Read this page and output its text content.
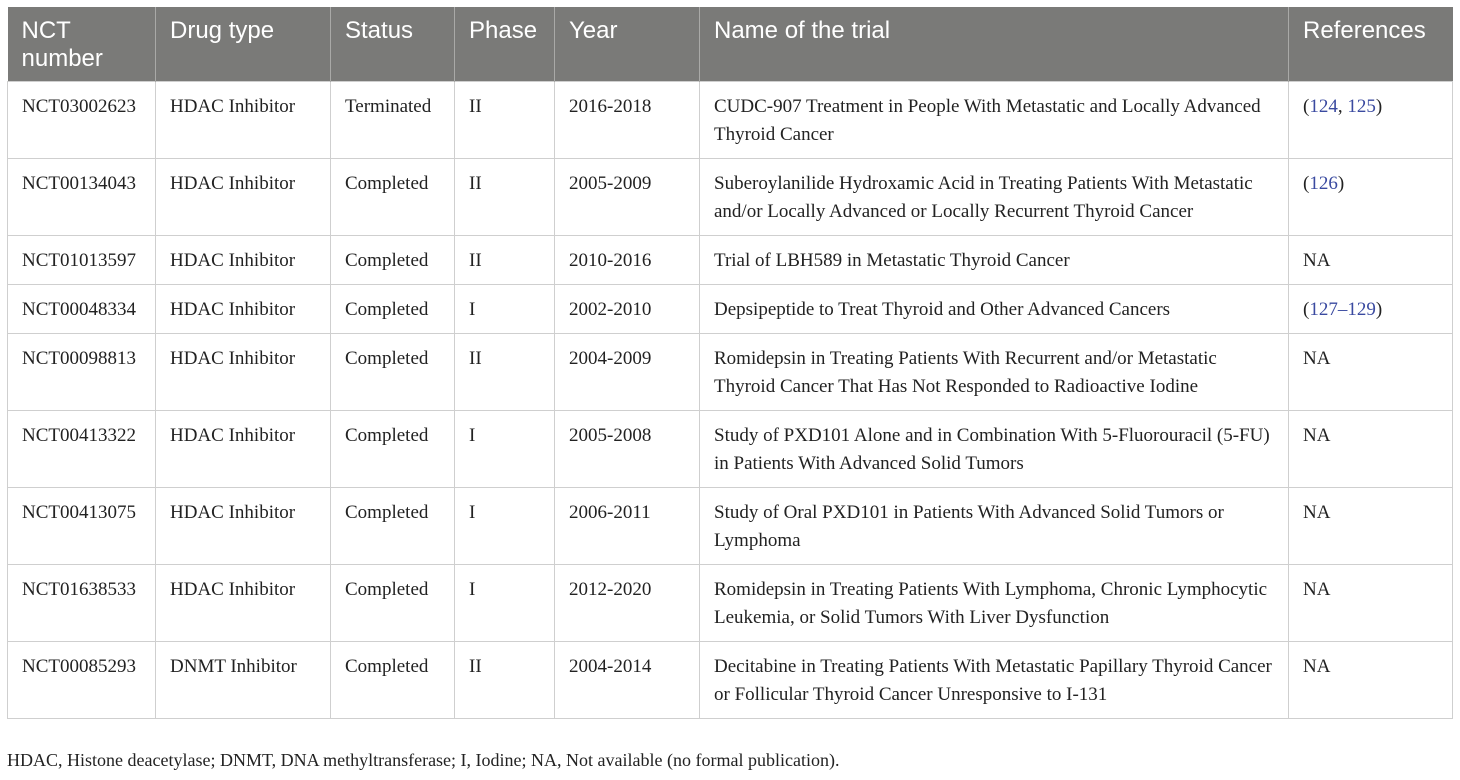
NCT number	Drug type	Status	Phase	Year	Name of the trial	References
NCT03002623	HDAC Inhibitor	Terminated	II	2016-2018	CUDC-907 Treatment in People With Metastatic and Locally Advanced Thyroid Cancer	(124, 125)
NCT00134043	HDAC Inhibitor	Completed	II	2005-2009	Suberoylanilide Hydroxamic Acid in Treating Patients With Metastatic and/or Locally Advanced or Locally Recurrent Thyroid Cancer	(126)
NCT01013597	HDAC Inhibitor	Completed	II	2010-2016	Trial of LBH589 in Metastatic Thyroid Cancer	NA
NCT00048334	HDAC Inhibitor	Completed	I	2002-2010	Depsipeptide to Treat Thyroid and Other Advanced Cancers	(127–129)
NCT00098813	HDAC Inhibitor	Completed	II	2004-2009	Romidepsin in Treating Patients With Recurrent and/or Metastatic Thyroid Cancer That Has Not Responded to Radioactive Iodine	NA
NCT00413322	HDAC Inhibitor	Completed	I	2005-2008	Study of PXD101 Alone and in Combination With 5-Fluorouracil (5-FU) in Patients With Advanced Solid Tumors	NA
NCT00413075	HDAC Inhibitor	Completed	I	2006-2011	Study of Oral PXD101 in Patients With Advanced Solid Tumors or Lymphoma	NA
NCT01638533	HDAC Inhibitor	Completed	I	2012-2020	Romidepsin in Treating Patients With Lymphoma, Chronic Lymphocytic Leukemia, or Solid Tumors With Liver Dysfunction	NA
NCT00085293	DNMT Inhibitor	Completed	II	2004-2014	Decitabine in Treating Patients With Metastatic Papillary Thyroid Cancer or Follicular Thyroid Cancer Unresponsive to I-131	NA
HDAC, Histone deacetylase; DNMT, DNA methyltransferase; I, Iodine; NA, Not available (no formal publication).
